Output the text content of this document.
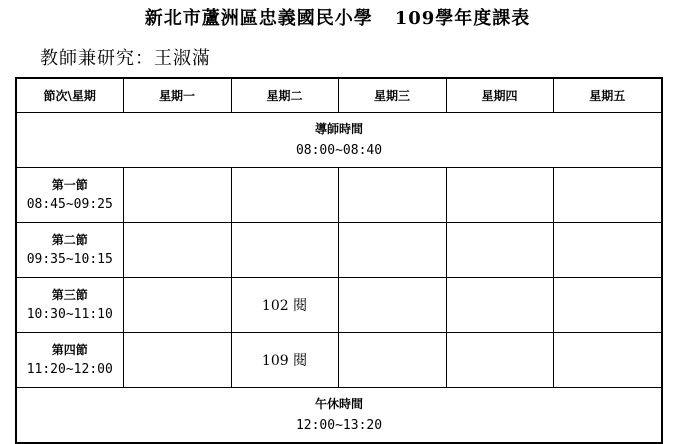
新北市蘆洲區忠義國民小學 109學年度課表
教師兼研究：王淑滿
節次\星期	星期一	星期二	星期三	星期四	星期五

導師時間
08:00~08:40					

第一節
08:45~09:25					

第二節
09:35~10:15					

第三節
10:30~11:10		102 閱			

第四節
11:20~12:00		109 閱			

午休時間
12:00~13:20					
